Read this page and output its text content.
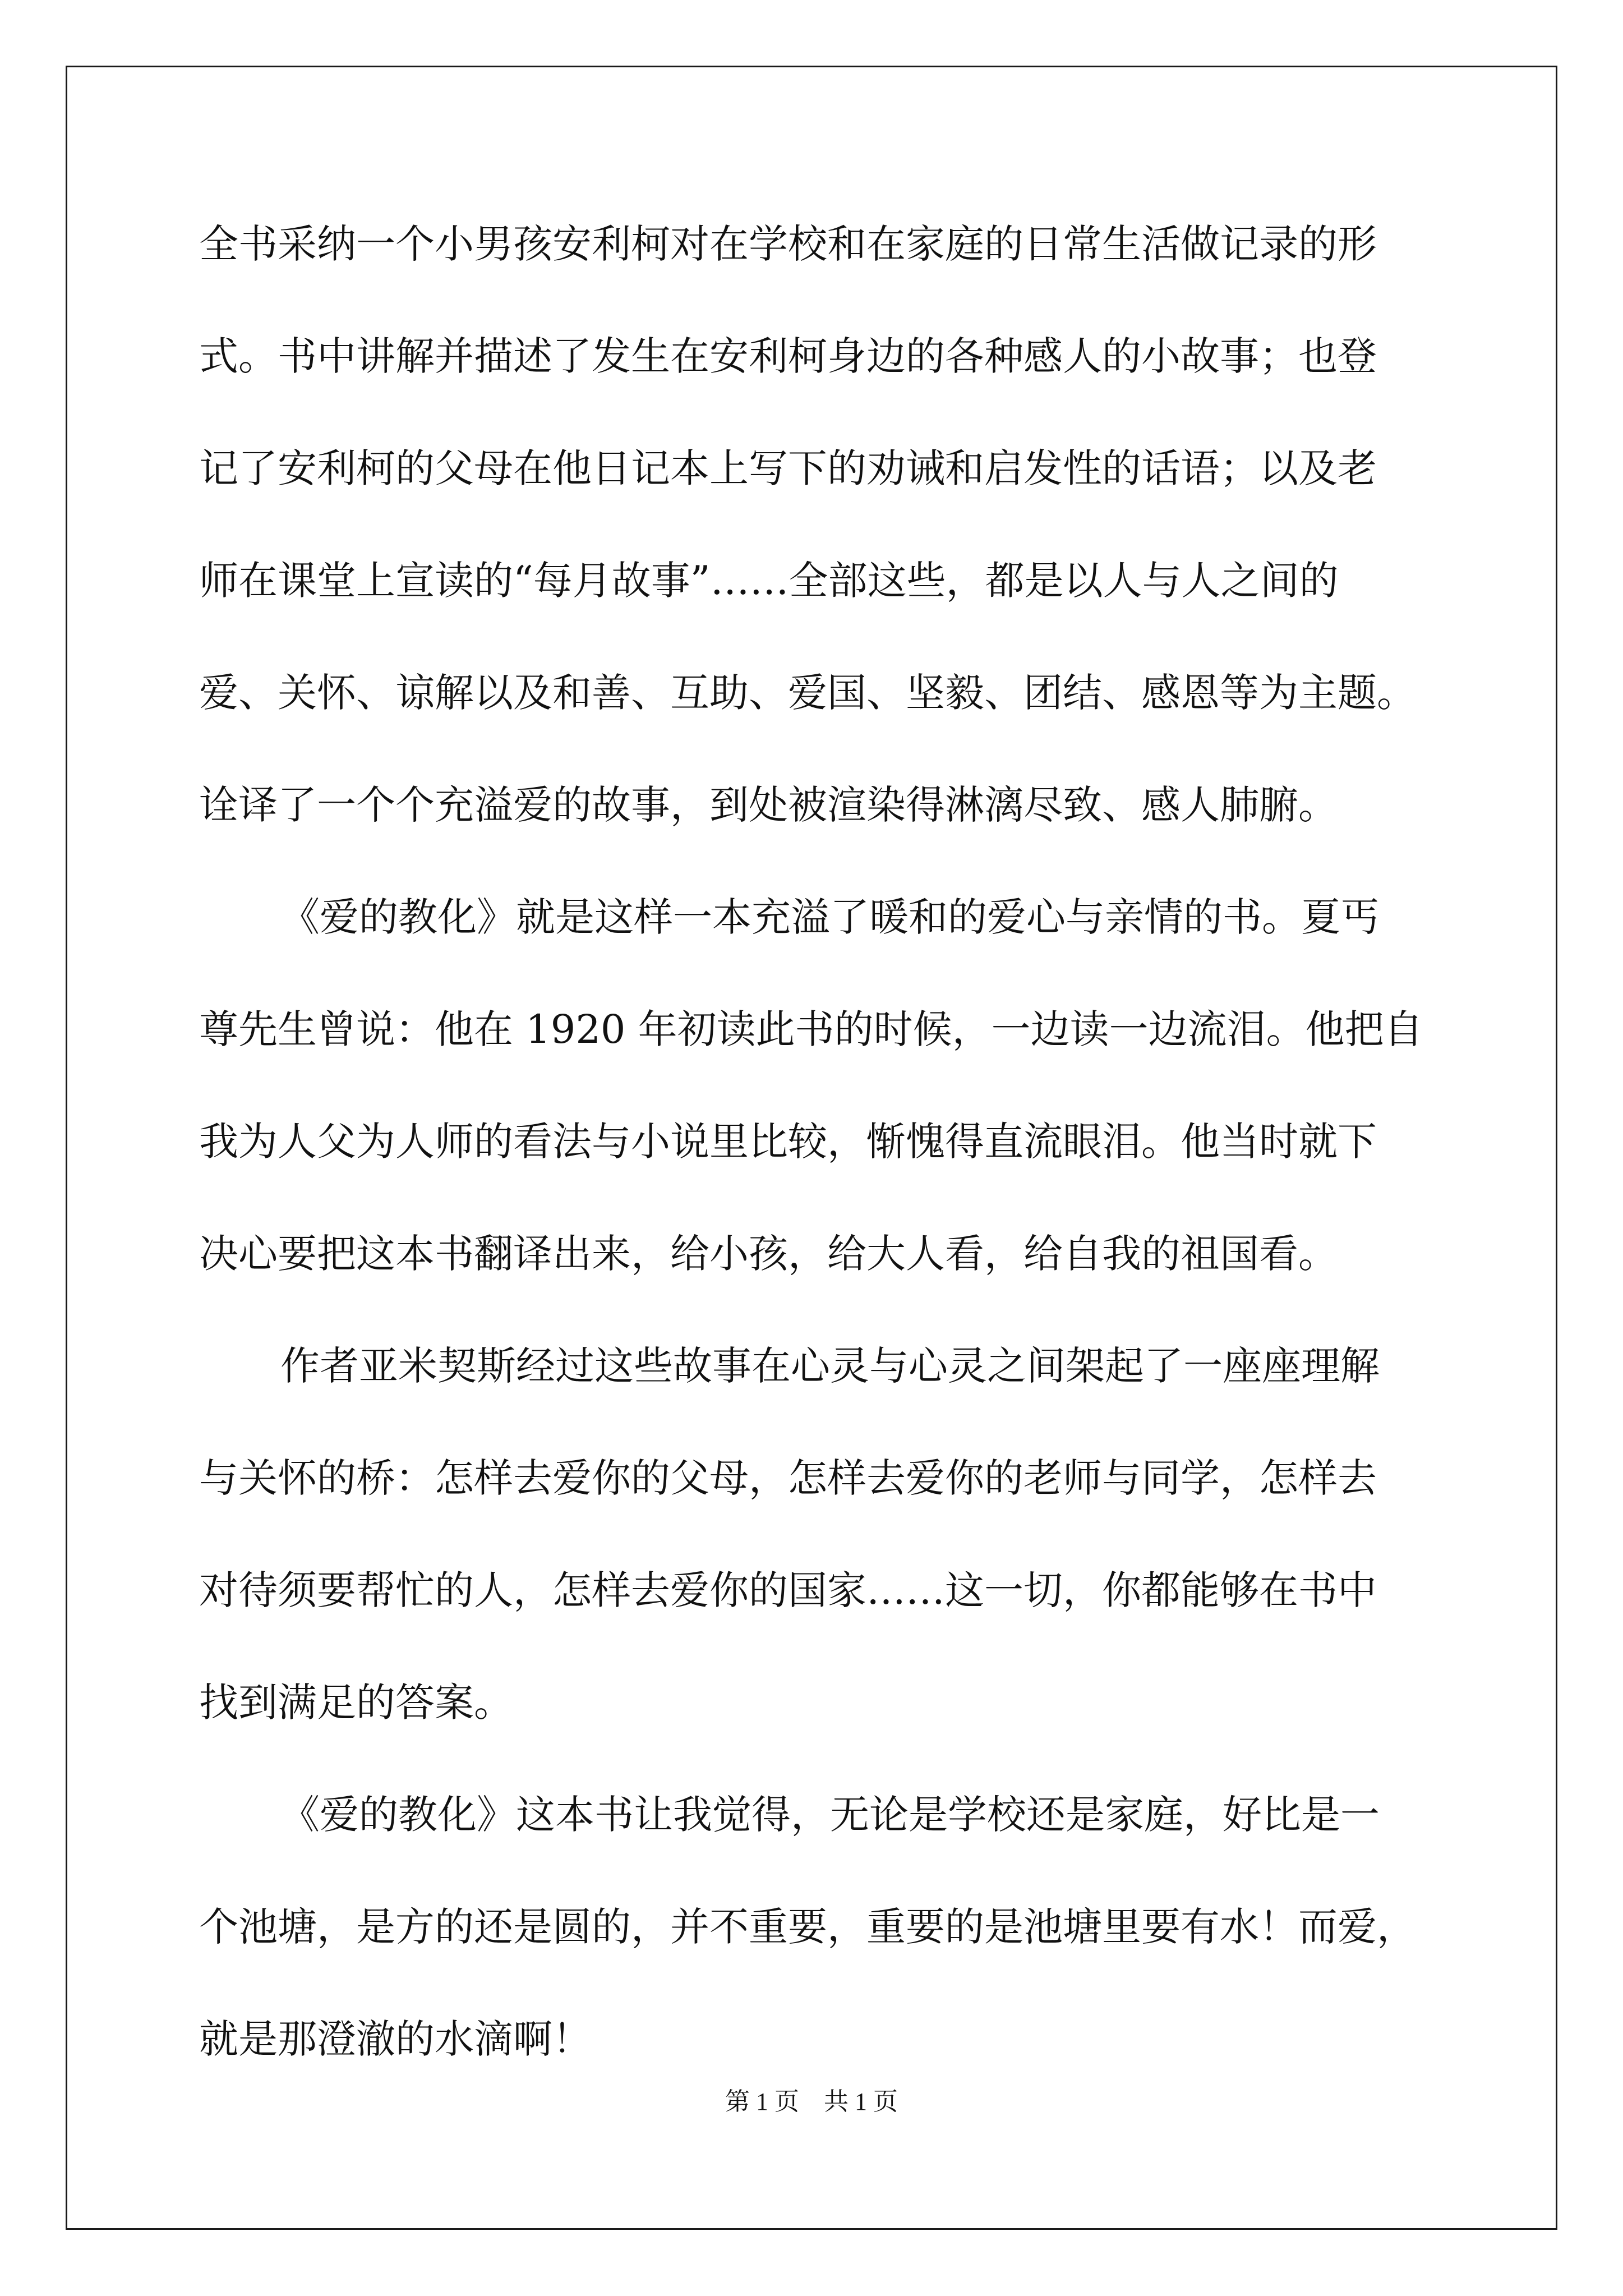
全书采纳一个小男孩安利柯对在学校和在家庭的日常生活做记录的形

式。书中讲解并描述了发生在安利柯身边的各种感人的小故事；也登

记了安利柯的父母在他日记本上写下的劝诫和启发性的话语；以及老

师在课堂上宣读的“每月故事”……全部这些，都是以人与人之间的

爱、关怀、谅解以及和善、互助、爱国、坚毅、团结、感恩等为主题。

诠译了一个个充溢爱的故事，到处被渲染得淋漓尽致、感人肺腑。

《爱的教化》就是这样一本充溢了暖和的爱心与亲情的书。夏丐

尊先生曾说：他在 1920 年初读此书的时候，一边读一边流泪。他把自

我为人父为人师的看法与小说里比较，惭愧得直流眼泪。他当时就下

决心要把这本书翻译出来，给小孩，给大人看，给自我的祖国看。

作者亚米契斯经过这些故事在心灵与心灵之间架起了一座座理解

与关怀的桥：怎样去爱你的父母，怎样去爱你的老师与同学，怎样去

对待须要帮忙的人，怎样去爱你的国家……这一切，你都能够在书中

找到满足的答案。

《爱的教化》这本书让我觉得，无论是学校还是家庭，好比是一

个池塘，是方的还是圆的，并不重要，重要的是池塘里要有水！而爱，

就是那澄澈的水滴啊！

第 1 页    共 1 页
